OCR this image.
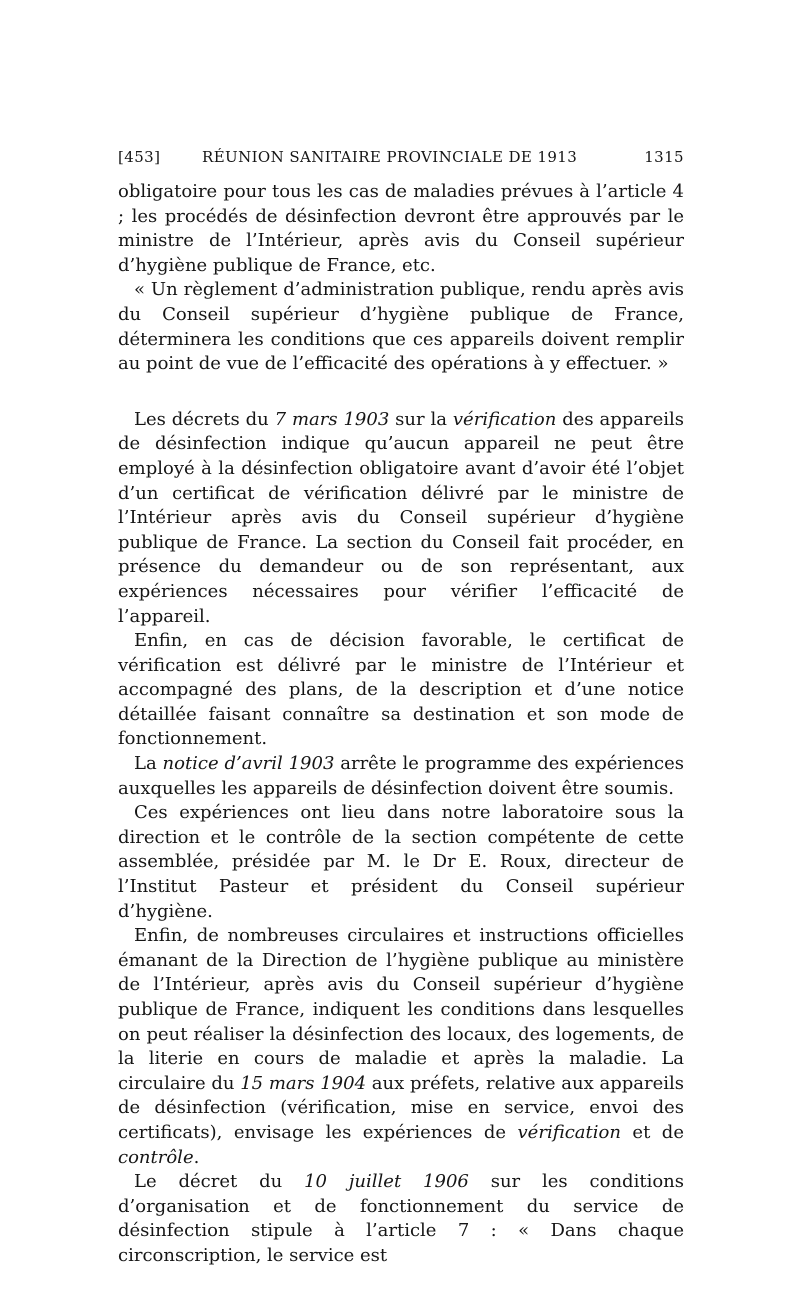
[453]	RÉUNION SANITAIRE PROVINCIALE DE 1913	1315

obligatoire pour tous les cas de maladies prévues à l’article 4 ; les procédés de désinfection devront être approuvés par le ministre de l’Intérieur, après avis du Conseil supérieur d’hygiène publique de France, etc.

« Un règlement d’administration publique, rendu après avis du Conseil supérieur d’hygiène publique de France, déterminera les conditions que ces appareils doivent remplir au point de vue de l’efficacité des opérations à y effectuer. »

Les décrets du 7 mars 1903 sur la vérification des appareils de désinfection indique qu’aucun appareil ne peut être employé à la désinfection obligatoire avant d’avoir été l’objet d’un certificat de vérification délivré par le ministre de l’Intérieur après avis du Conseil supérieur d’hygiène publique de France. La section du Conseil fait procéder, en présence du demandeur ou de son représentant, aux expériences nécessaires pour vérifier l’efficacité de l’appareil.

Enfin, en cas de décision favorable, le certificat de vérification est délivré par le ministre de l’Intérieur et accompagné des plans, de la description et d’une notice détaillée faisant connaître sa destination et son mode de fonctionnement.

La notice d’avril 1903 arrête le programme des expériences auxquelles les appareils de désinfection doivent être soumis.

Ces expériences ont lieu dans notre laboratoire sous la direction et le contrôle de la section compétente de cette assemblée, présidée par M. le Dr E. Roux, directeur de l’Institut Pasteur et président du Conseil supérieur d’hygiène.

Enfin, de nombreuses circulaires et instructions officielles émanant de la Direction de l’hygiène publique au ministère de l’Intérieur, après avis du Conseil supérieur d’hygiène publique de France, indiquent les conditions dans lesquelles on peut réaliser la désinfection des locaux, des logements, de la literie en cours de maladie et après la maladie. La circulaire du 15 mars 1904 aux préfets, relative aux appareils de désinfection (vérification, mise en service, envoi des certificats), envisage les expériences de vérification et de contrôle.

Le décret du 10 juillet 1906 sur les conditions d’organisation et de fonctionnement du service de désinfection stipule à l’article 7 : « Dans chaque circonscription, le service est
